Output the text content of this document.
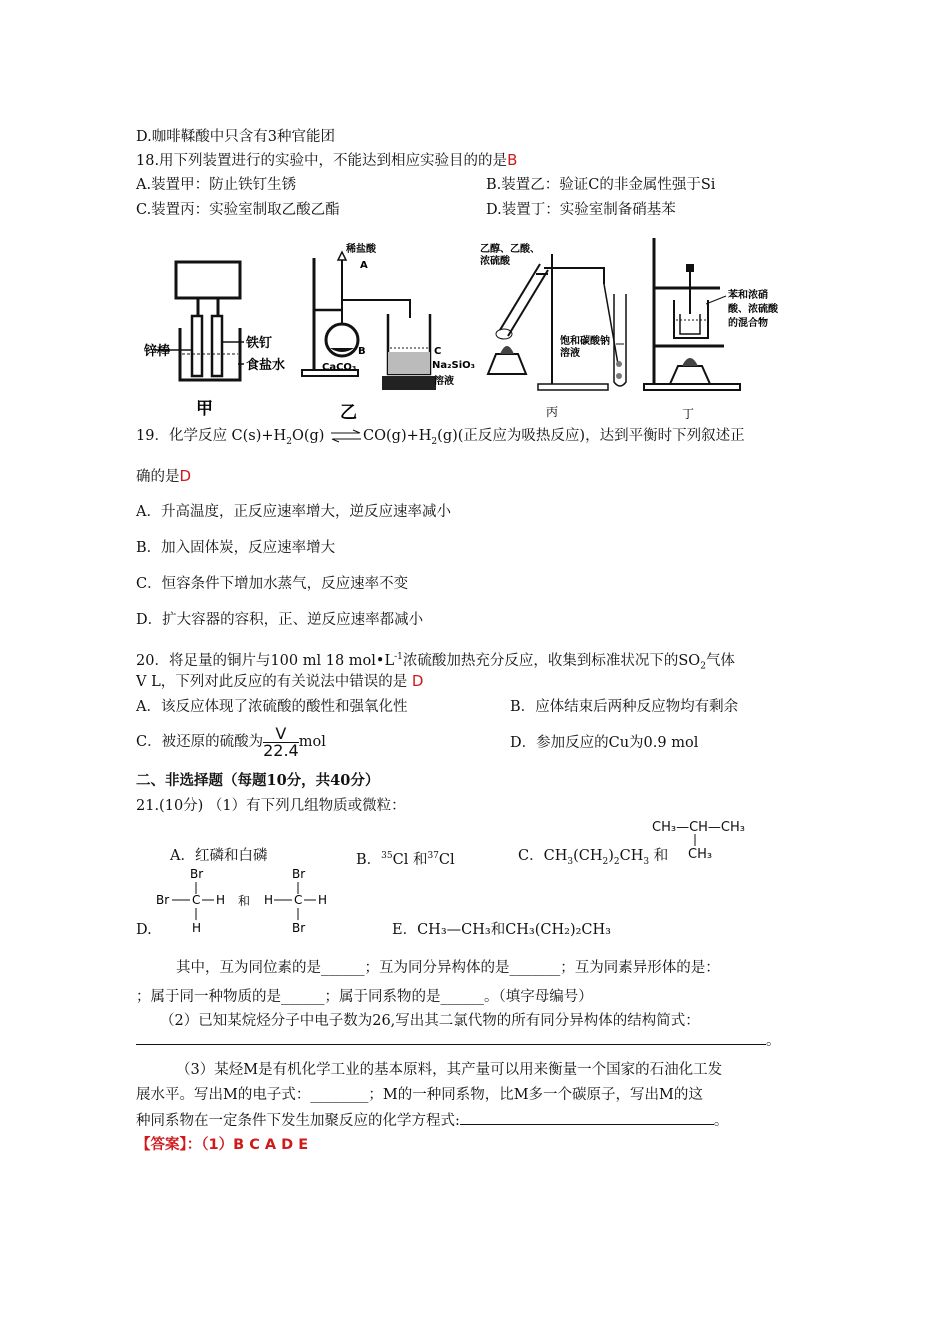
D.咖啡鞣酸中只含有3种官能团
18.用下列装置进行的实验中，不能达到相应实验目的的是B
A.装置甲：防止铁钉生锈	B.装置乙：验证C的非金属性强于Si
C.装置丙：实验室制取乙酸乙酯	D.装置丁：实验室制备硝基苯
锌棒
铁钉
食盐水
甲
稀盐酸
A
B	C
CaCO₃	Na₂SiO₃
溶液
乙
乙醇、乙酸、
浓硫酸
饱和碳酸钠
溶液
丙
苯和浓硝
酸、浓硫酸
的混合物
丁
19．化学反应 $C(s)+H_2O(g)$ $\rightleftharpoons CO(g)+H_2(g)$(正反应为吸热反应)，达到平衡时下列叙述正
确的是D
A．升高温度，正反应速率增大，逆反应速率减小
B．加入固体炭，反应速率增大
C．恒容条件下增加水蒸气，反应速率不变
D．扩大容器的容积，正、逆反应速率都减小
20．将足量的铜片与100 ml 18 $mol•L^{-1}$浓硫酸加热充分反应，收集到标准状况下的$SO_2$气体
V L，下列对此反应的有关说法中错误的是 D
A．该反应体现了浓硫酸的酸性和强氧化性	B．应体结束后两种反应物均有剩余
C．被还原的硫酸为 $\frac{V}{22.4}$ mol	D．参加反应的Cu为0.9 mol
二、非选择题（每题10分，共40分）
21.(10分) （1）有下列几组物质或微粒：
CH₃—CH—CH₃
CH₃
A．红磷和白磷	B．$^{35}$Cl 和$^{37}$Cl	C．$CH_3(CH_2)_2CH_3$ 和
Br
Br C H
H
Br
H C H
Br
和
D.	E．CH₃—CH₃和CH₃(CH₂)₂CH₃
其中，互为同位素的是______；互为同分异构体的是_______；互为同素异形体的是：
；属于同一种物质的是______；属于同系物的是______。（填字母编号）
（2）已知某烷烃分子中电子数为26,写出其二氯代物的所有同分异构体的结构简式：
。
（3）某烃M是有机化学工业的基本原料，其产量可以用来衡量一个国家的石油化工发
展水平。写出M的电子式：________；M的一种同系物，比M多一个碳原子，写出M的这
种同系物在一定条件下发生加聚反应的化学方程式:	。
【答案】：（1）B C A D E
